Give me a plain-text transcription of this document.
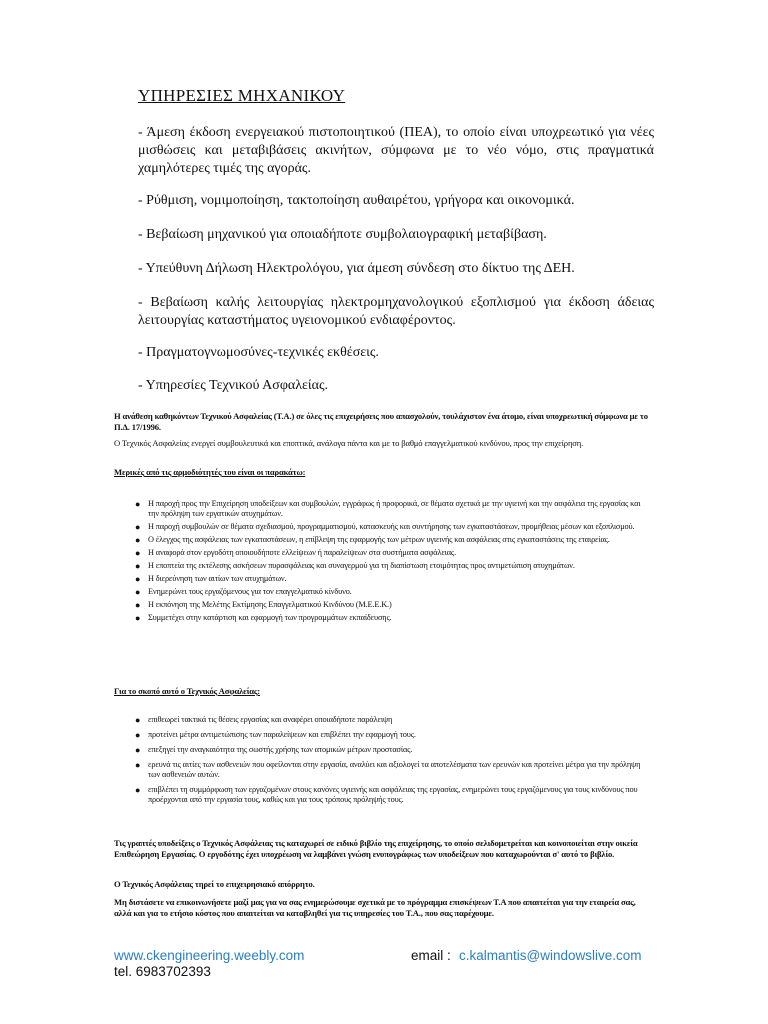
ΥΠΗΡΕΣΙΕΣ ΜΗΧΑΝΙΚΟΥ
- Άμεση έκδοση ενεργειακού πιστοποιητικού (ΠΕΑ), το οποίο είναι υποχρεωτικό για νέες μισθώσεις και μεταβιβάσεις ακινήτων, σύμφωνα με το νέο νόμο, στις πραγματικά χαμηλότερες τιμές της αγοράς.
- Ρύθμιση, νομιμοποίηση, τακτοποίηση αυθαιρέτου, γρήγορα και οικονομικά.
- Βεβαίωση μηχανικού για οποιαδήποτε συμβολαιογραφική μεταβίβαση.
- Υπεύθυνη Δήλωση Ηλεκτρολόγου, για άμεση σύνδεση στο δίκτυο της ΔΕΗ.
- Βεβαίωση καλής λειτουργίας ηλεκτρομηχανολογικού εξοπλισμού για έκδοση άδειας λειτουργίας καταστήματος υγειονομικού ενδιαφέροντος.
- Πραγματογνωμοσύνες-τεχνικές εκθέσεις.
- Υπηρεσίες Τεχνικού Ασφαλείας.
Η ανάθεση καθηκόντων Τεχνικού Ασφαλείας (Τ.Α.) σε όλες τις επιχειρήσεις που απασχολούν, τουλάχιστον ένα άτομο, είναι υποχρεωτική σύμφωνα με το Π.Δ. 17/1996.
Ο Τεχνικός Ασφαλείας ενεργεί συμβουλευτικά και εποπτικά, ανάλογα πάντα και με το βαθμό επαγγελματικού κινδύνου, προς την επιχείρηση.
Μερικές από τις αρμοδιότητές του είναι οι παρακάτω:
● Η παροχή προς την Επιχείρηση υποδείξεων και συμβουλών, εγγράφως ή προφορικά, σε θέματα σχετικά με την υγιεινή και την ασφάλεια της εργασίας και την πρόληψη των εργατικών ατυχημάτων.
● Η παροχή συμβουλών σε θέματα σχεδιασμού, προγραμματισμού, κατασκευής και συντήρησης των εγκαταστάσεων, προμήθειας μέσων και εξοπλισμού.
● Ο έλεγχος της ασφάλειας των εγκαταστάσεων, η επίβλεψη της εφαρμογής των μέτρων υγιεινής και ασφάλειας στις εγκαταστάσεις της εταιρείας.
● Η αναφορά στον εργοδότη οποιουδήποτε ελλείψεων ή παραλείψεων στα συστήματα ασφάλειας.
● Η εποπτεία της εκτέλεσης ασκήσεων πυρασφάλειας και συναγερμού για τη διαπίστωση ετοιμότητας προς αντιμετώπιση ατυχημάτων.
● Η διερεύνηση των αιτίων των ατυχημάτων.
● Ενημερώνει τους εργαζόμενους για τον επαγγελματικό κίνδυνο.
● Η εκπόνηση της Μελέτης Εκτίμησης Επαγγελματικού Κινδύνου (Μ.Ε.Ε.Κ.)
● Συμμετέχει στην κατάρτιση και εφαρμογή των προγραμμάτων εκπαίδευσης.
Για το σκοπό αυτό ο Τεχνικός Ασφαλείας:
● επιθεωρεί τακτικά τις θέσεις εργασίας και αναφέρει οποιαδήποτε παράλειψη
● προτείνει μέτρα αντιμετώπισης των παραλείψεων και επιβλέπει την εφαρμογή τους.
● επεξηγεί την αναγκαιότητα της σωστής χρήσης των ατομικών μέτρων προστασίας.
● ερευνά τις αιτίες των ασθενειών που οφείλονται στην εργασία, αναλύει και αξιολογεί τα αποτελέσματα των ερευνών και προτείνει μέτρα για την πρόληψη των ασθενειών αυτών.
● επιβλέπει τη συμμόρφωση των εργαζομένων στους κανόνες υγιεινής και ασφάλειας της εργασίας, ενημερώνει τους εργαζόμενους για τους κινδύνους που προέρχονται από την εργασία τους, καθώς και για τους τρόπους πρόληψής τους.
Τις γραπτές υποδείξεις ο Τεχνικός Ασφάλειας τις καταχωρεί σε ειδικό βιβλίο της επιχείρησης, το οποίο σελιδομετρείται και κοινοποιείται στην οικεία Επιθεώρηση Εργασίας. Ο εργοδότης έχει υποχρέωση να λαμβάνει γνώση ενυπογράφως των υποδείξεων που καταχωρούνται σ' αυτό το βιβλίο.
Ο Τεχνικός Ασφάλειας τηρεί το επιχειρησιακό απόρρητο.
Μη διστάσετε να επικοινωνήσετε μαζί μας για να σας ενημερώσουμε σχετικά με το πρόγραμμα επισκέψεων Τ.Α που απαιτείται για την εταιρεία σας, αλλά και για το ετήσιο κόστος που απαιτείται να καταβληθεί για τις υπηρεσίες του Τ.Α., που σας παρέχουμε.
www.ckengineering.weebly.com
tel. 6983702393
email : c.kalmantis@windowslive.com
